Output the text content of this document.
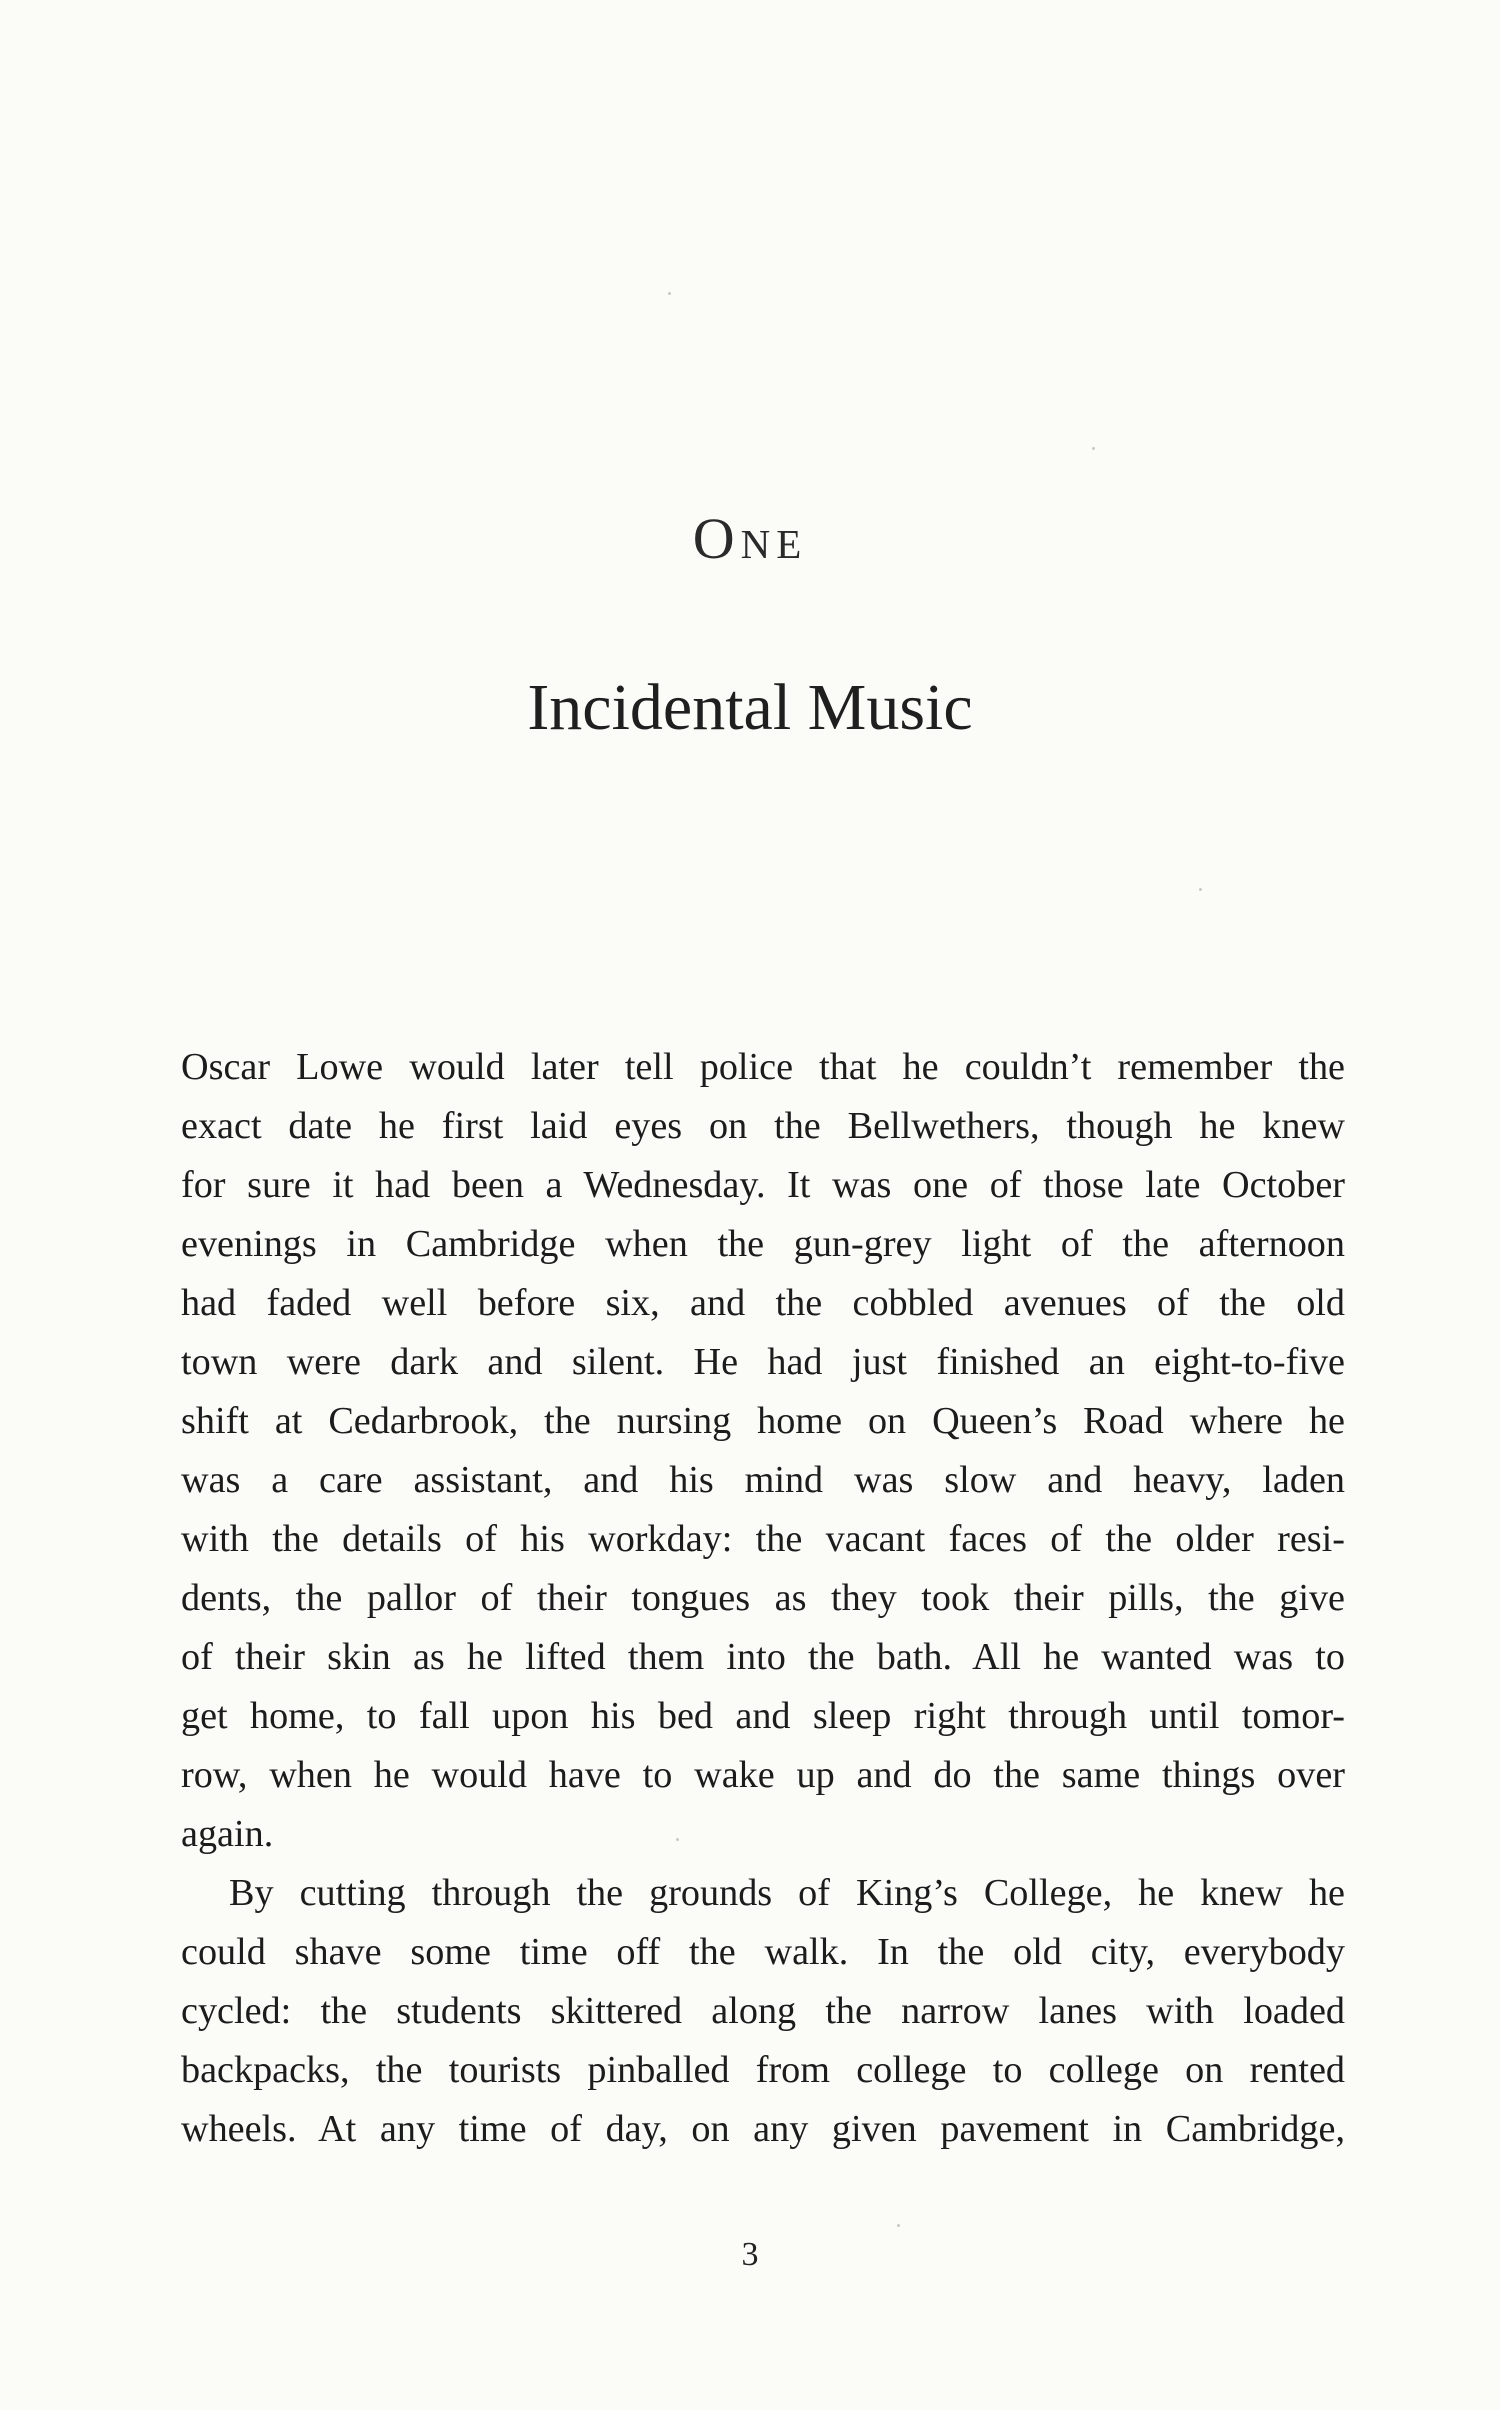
One
Incidental Music
Oscar Lowe would later tell police that he couldn’t remember the
exact date he first laid eyes on the Bellwethers, though he knew
for sure it had been a Wednesday. It was one of those late October
evenings in Cambridge when the gun-grey light of the afternoon
had faded well before six, and the cobbled avenues of the old
town were dark and silent. He had just finished an eight-to-five
shift at Cedarbrook, the nursing home on Queen’s Road where he
was a care assistant, and his mind was slow and heavy, laden
with the details of his workday: the vacant faces of the older resi-
dents, the pallor of their tongues as they took their pills, the give
of their skin as he lifted them into the bath. All he wanted was to
get home, to fall upon his bed and sleep right through until tomor-
row, when he would have to wake up and do the same things over
again.
By cutting through the grounds of King’s College, he knew he
could shave some time off the walk. In the old city, everybody
cycled: the students skittered along the narrow lanes with loaded
backpacks, the tourists pinballed from college to college on rented
wheels. At any time of day, on any given pavement in Cambridge,
3
